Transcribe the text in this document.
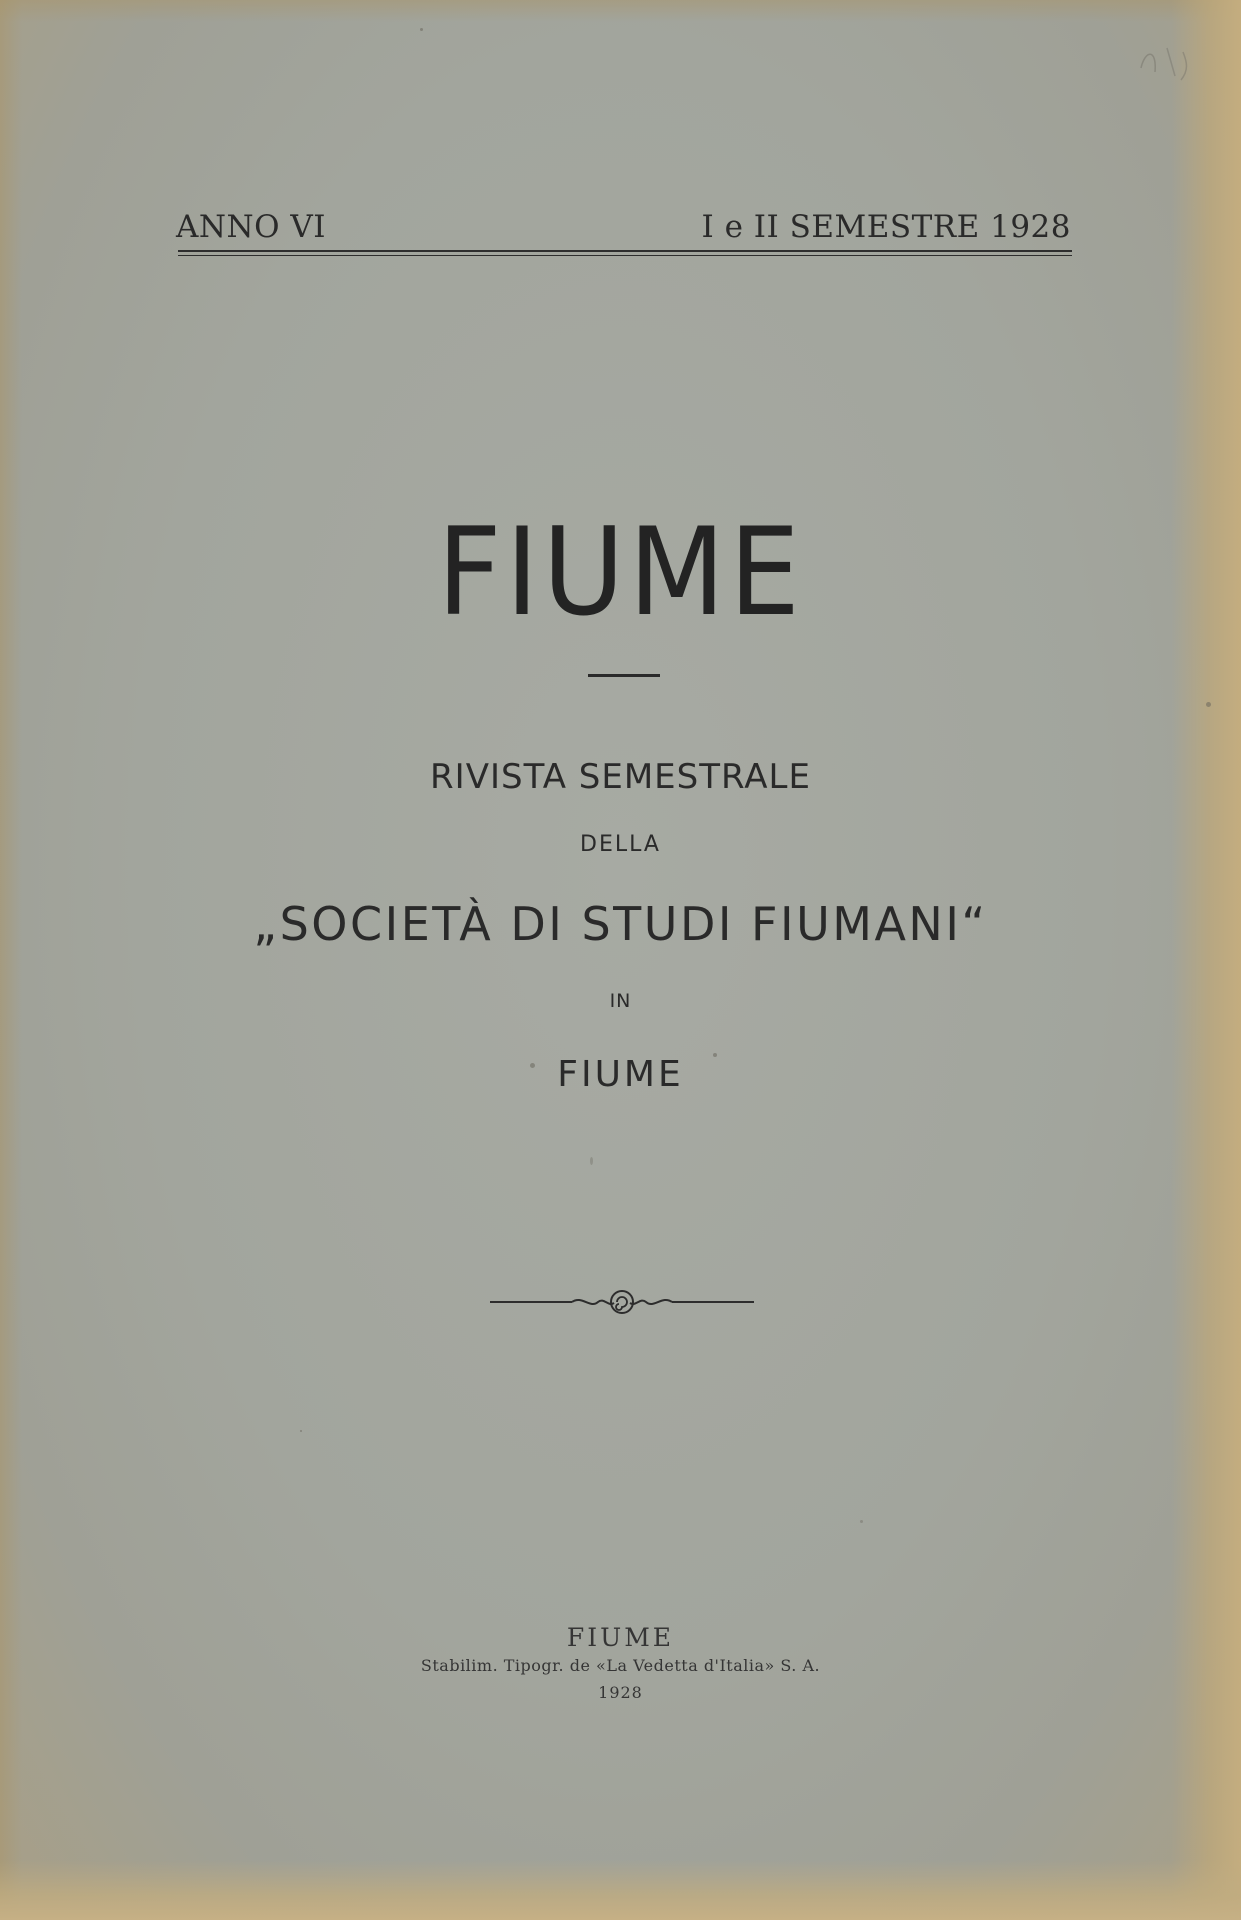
ANNO VI	I e II SEMESTRE 1928
FIUME
RIVISTA SEMESTRALE
DELLA
„SOCIETÀ DI STUDI FIUMANI“
IN
FIUME
FIUME
Stabilim. Tipogr. de «La Vedetta d'Italia» S. A.
1928
